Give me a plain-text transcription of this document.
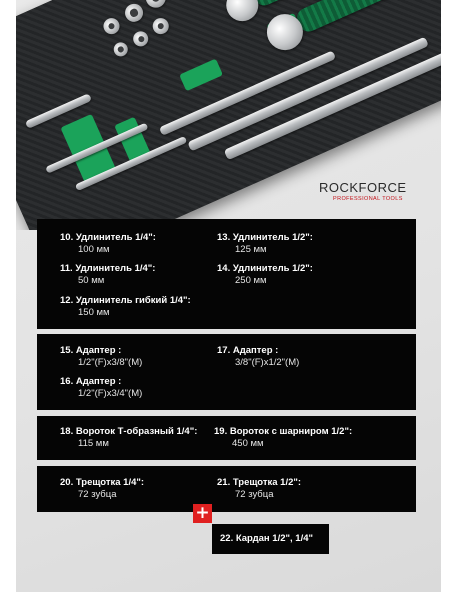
ROCKFORCE
PROFESSIONAL TOOLS
10. Удлинитель 1/4":
100 мм
13. Удлинитель 1/2":
125 мм
11. Удлинитель 1/4":
50 мм
14. Удлинитель 1/2":
250 мм
12. Удлинитель гибкий 1/4":
150 мм
15. Адаптер :
1/2"(F)x3/8"(M)
17. Адаптер :
3/8"(F)x1/2"(M)
16. Адаптер :
1/2"(F)x3/4"(M)
18. Вороток Т-образный 1/4":
115 мм
19. Вороток с шарниром 1/2":
450 мм
20. Трещотка 1/4":
72 зубца
21. Трещотка 1/2":
72 зубца
+
22. Кардан 1/2", 1/4"
